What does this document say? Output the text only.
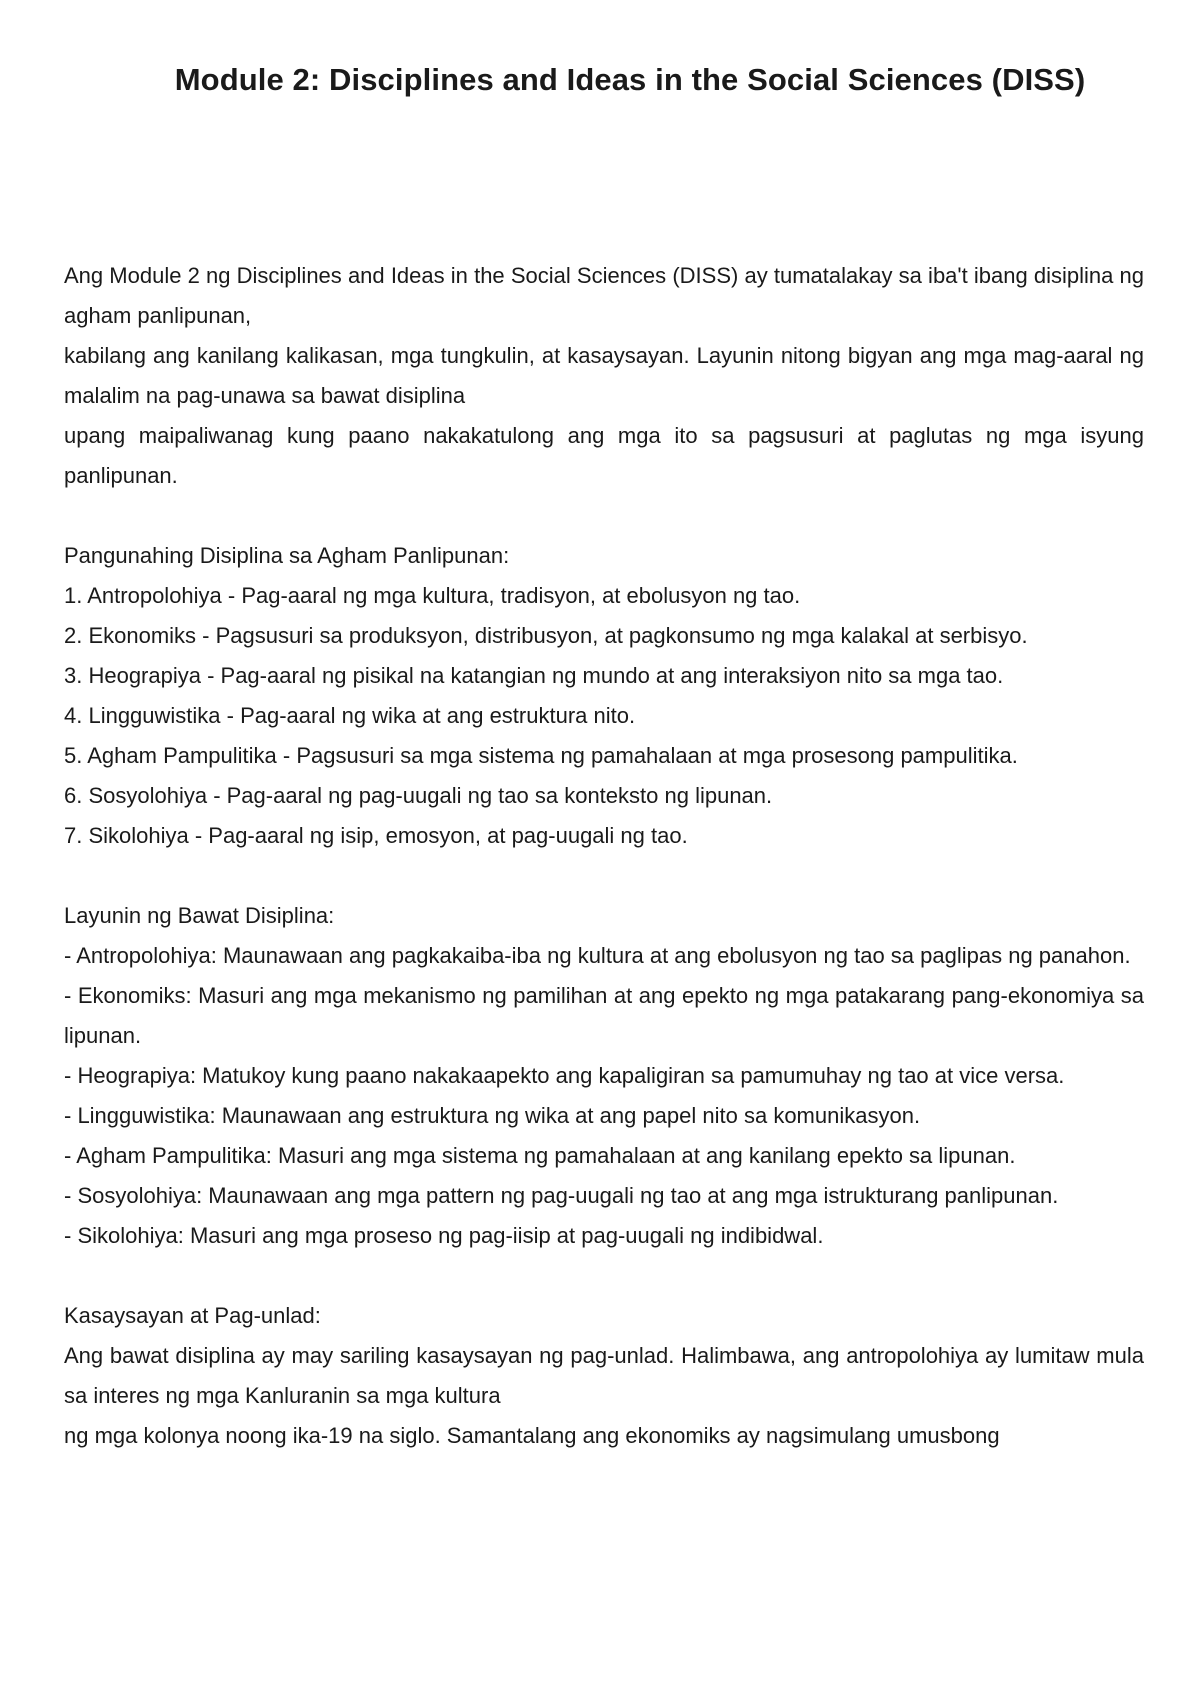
Module 2: Disciplines and Ideas in the Social Sciences (DISS)

Ang Module 2 ng Disciplines and Ideas in the Social Sciences (DISS) ay tumatalakay sa iba't ibang disiplina ng agham panlipunan,

kabilang ang kanilang kalikasan, mga tungkulin, at kasaysayan. Layunin nitong bigyan ang mga mag-aaral ng malalim na pag-unawa sa bawat disiplina

upang maipaliwanag kung paano nakakatulong ang mga ito sa pagsusuri at paglutas ng mga isyung panlipunan.

Pangunahing Disiplina sa Agham Panlipunan:

1. Antropolohiya - Pag-aaral ng mga kultura, tradisyon, at ebolusyon ng tao.
2. Ekonomiks - Pagsusuri sa produksyon, distribusyon, at pagkonsumo ng mga kalakal at serbisyo.
3. Heograpiya - Pag-aaral ng pisikal na katangian ng mundo at ang interaksiyon nito sa mga tao.
4. Lingguwistika - Pag-aaral ng wika at ang estruktura nito.
5. Agham Pampulitika - Pagsusuri sa mga sistema ng pamahalaan at mga prosesong pampulitika.
6. Sosyolohiya - Pag-aaral ng pag-uugali ng tao sa konteksto ng lipunan.
7. Sikolohiya - Pag-aaral ng isip, emosyon, at pag-uugali ng tao.

Layunin ng Bawat Disiplina:

- Antropolohiya: Maunawaan ang pagkakaiba-iba ng kultura at ang ebolusyon ng tao sa paglipas ng panahon.
- Ekonomiks: Masuri ang mga mekanismo ng pamilihan at ang epekto ng mga patakarang pang-ekonomiya sa lipunan.
- Heograpiya: Matukoy kung paano nakakaapekto ang kapaligiran sa pamumuhay ng tao at vice versa.
- Lingguwistika: Maunawaan ang estruktura ng wika at ang papel nito sa komunikasyon.
- Agham Pampulitika: Masuri ang mga sistema ng pamahalaan at ang kanilang epekto sa lipunan.
- Sosyolohiya: Maunawaan ang mga pattern ng pag-uugali ng tao at ang mga istrukturang panlipunan.
- Sikolohiya: Masuri ang mga proseso ng pag-iisip at pag-uugali ng indibidwal.

Kasaysayan at Pag-unlad:

Ang bawat disiplina ay may sariling kasaysayan ng pag-unlad. Halimbawa, ang antropolohiya ay lumitaw mula sa interes ng mga Kanluranin sa mga kultura

ng mga kolonya noong ika-19 na siglo. Samantalang ang ekonomiks ay nagsimulang umusbong
